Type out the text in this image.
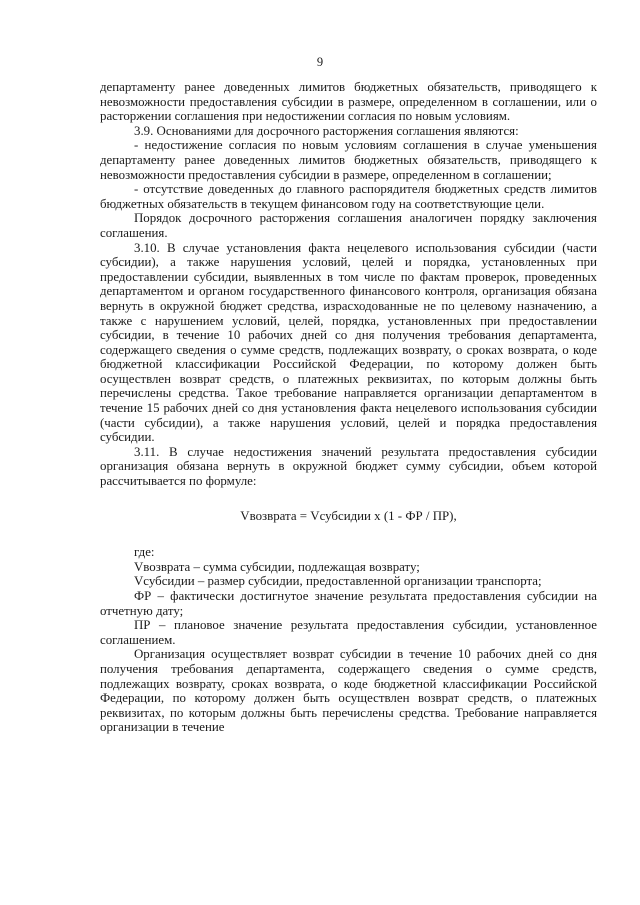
9

департаменту ранее доведенных лимитов бюджетных обязательств, приводящего к невозможности предоставления субсидии в размере, определенном в соглашении, или о расторжении соглашения при недостижении согласия по новым условиям.

3.9. Основаниями для досрочного расторжения соглашения являются:

- недостижение согласия по новым условиям соглашения в случае уменьшения департаменту ранее доведенных лимитов бюджетных обязательств, приводящего к невозможности предоставления субсидии в размере, определенном в соглашении;

- отсутствие доведенных до главного распорядителя бюджетных средств лимитов бюджетных обязательств в текущем финансовом году на соответствующие цели.

Порядок досрочного расторжения соглашения аналогичен порядку заключения соглашения.

3.10. В случае установления факта нецелевого использования субсидии (части субсидии), а также нарушения условий, целей и порядка, установленных при предоставлении субсидии, выявленных в том числе по фактам проверок, проведенных департаментом и органом государственного финансового контроля, организация обязана вернуть в окружной бюджет средства, израсходованные не по целевому назначению, а также с нарушением условий, целей, порядка, установленных при предоставлении субсидии, в течение 10 рабочих дней со дня получения требования департамента, содержащего сведения о сумме средств, подлежащих возврату, о сроках возврата, о коде бюджетной классификации Российской Федерации, по которому должен быть осуществлен возврат средств, о платежных реквизитах, по которым должны быть перечислены средства. Такое требование направляется организации департаментом в течение 15 рабочих дней со дня установления факта нецелевого использования субсидии (части субсидии), а также нарушения условий, целей и порядка предоставления субсидии.

3.11. В случае недостижения значений результата предоставления субсидии организация обязана вернуть в окружной бюджет сумму субсидии, объем которой рассчитывается по формуле:

Vвозврата = Vсубсидии x (1 - ФР / ПР),

где:

Vвозврата – сумма субсидии, подлежащая возврату;

Vсубсидии – размер субсидии, предоставленной организации транспорта;

ФР – фактически достигнутое значение результата предоставления субсидии на отчетную дату;

ПР – плановое значение результата предоставления субсидии, установленное соглашением.

Организация осуществляет возврат субсидии в течение 10 рабочих дней со дня получения требования департамента, содержащего сведения о сумме средств, подлежащих возврату, сроках возврата, о коде бюджетной классификации Российской Федерации, по которому должен быть осуществлен возврат средств, о платежных реквизитах, по которым должны быть перечислены средства. Требование направляется организации в течение
